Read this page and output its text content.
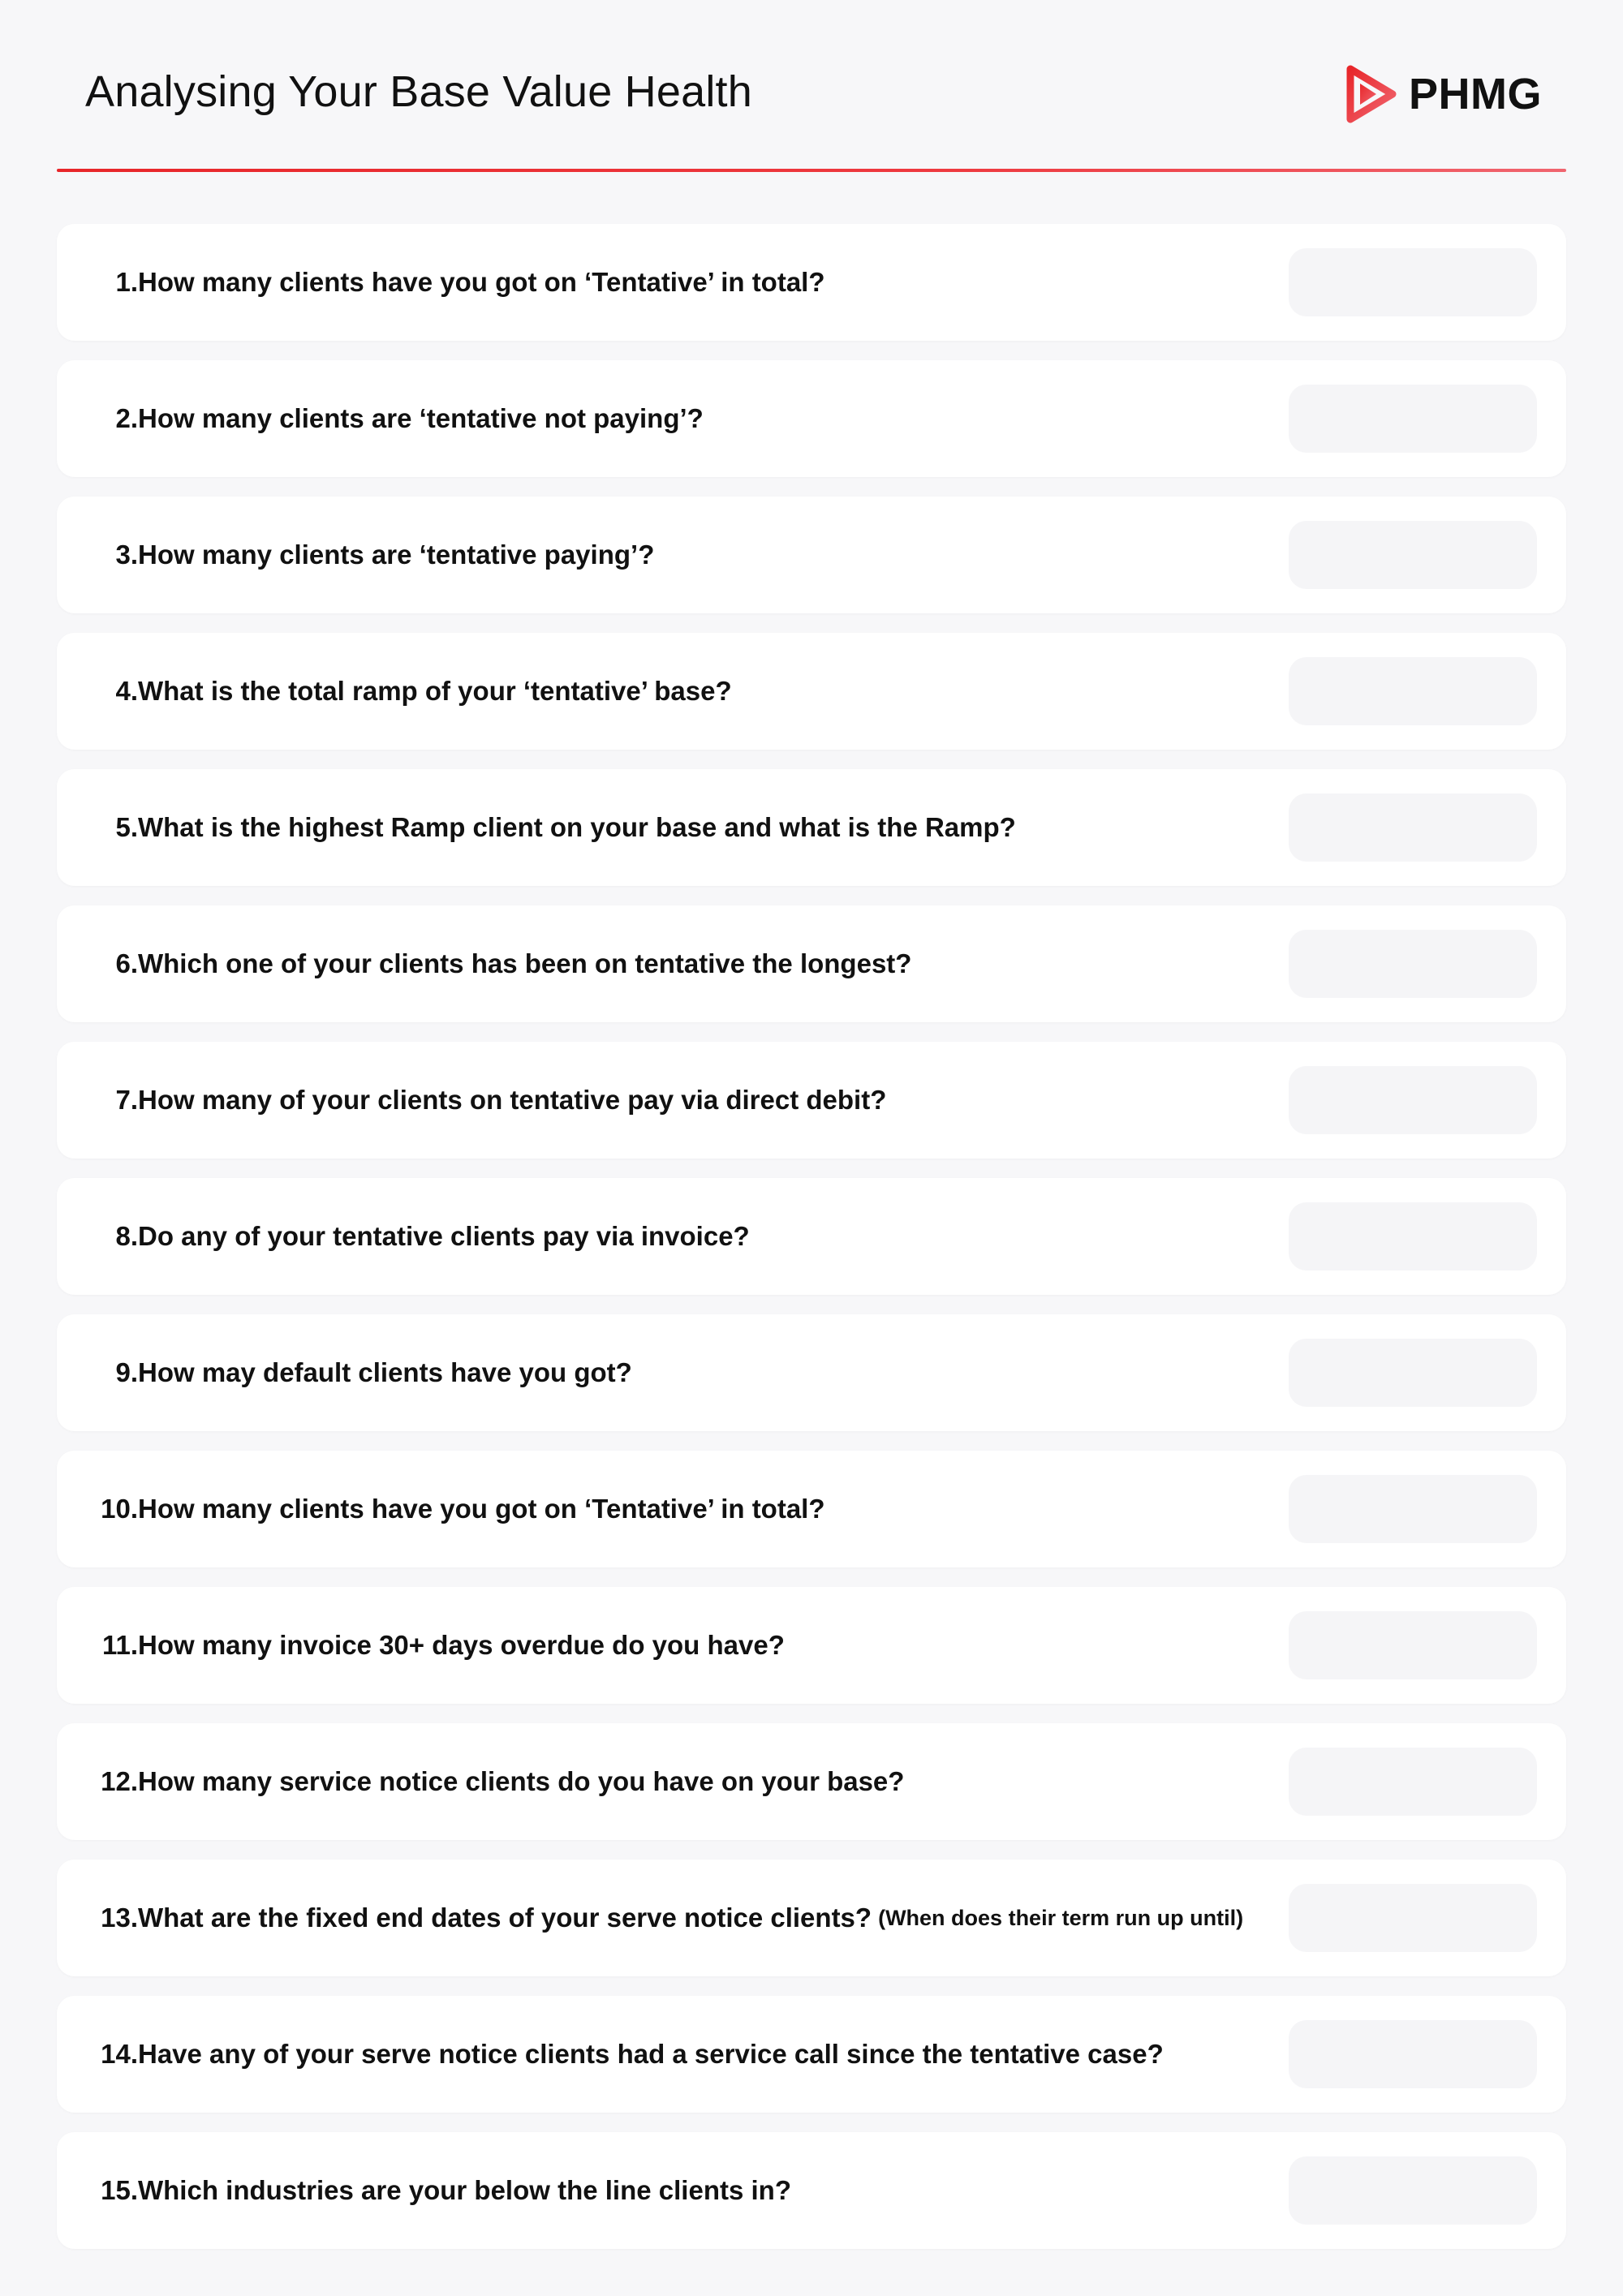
Analysing Your Base Value Health	PHMG
1. How many clients have you got on ‘Tentative’ in total?
2. How many clients are ‘tentative not paying’?
3. How many clients are ‘tentative paying’?
4. What is the total ramp of your ‘tentative’ base?
5. What is the highest Ramp client on your base and what is the Ramp?
6. Which one of your clients has been on tentative the longest?
7. How many of your clients on tentative pay via direct debit?
8. Do any of your tentative clients pay via invoice?
9. How may default clients have you got?
10. How many clients have you got on ‘Tentative’ in total?
11. How many invoice 30+ days overdue do you have?
12. How many service notice clients do you have on your base?
13. What are the fixed end dates of your serve notice clients? (When does their term run up until)
14. Have any of your serve notice clients had a service call since the tentative case?
15. Which industries are your below the line clients in?
